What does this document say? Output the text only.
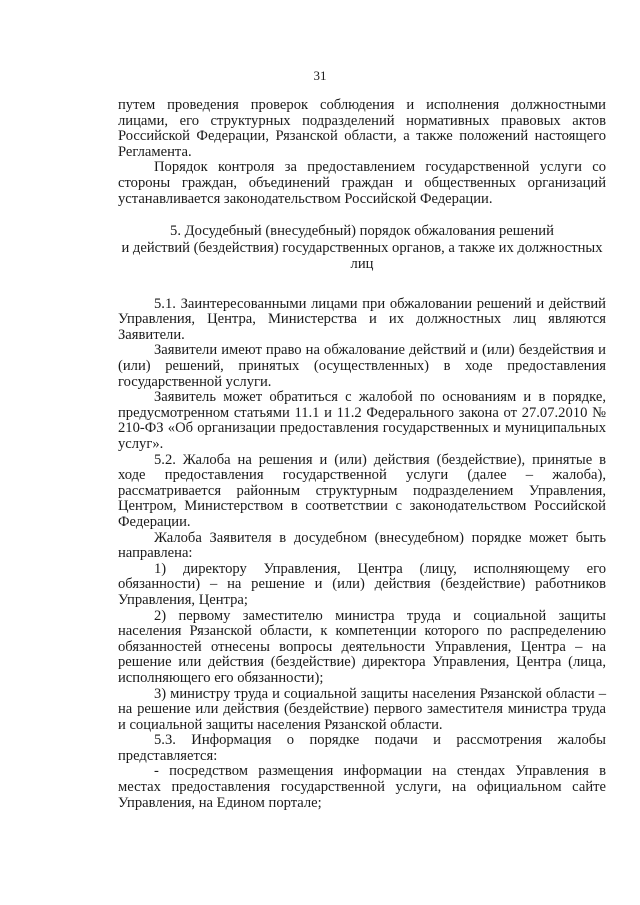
31

путем проведения проверок соблюдения и исполнения должностными лицами, его структурных подразделений нормативных правовых актов Российской Федерации, Рязанской области, а также положений настоящего Регламента.

Порядок контроля за предоставлением государственной услуги со стороны граждан, объединений граждан и общественных организаций устанавливается законодательством Российской Федерации.

5. Досудебный (внесудебный) порядок обжалования решений
и действий (бездействия) государственных органов, а также их должностных
лиц

5.1. Заинтересованными лицами при обжаловании решений и действий Управления, Центра, Министерства и их должностных лиц являются Заявители.

Заявители имеют право на обжалование действий и (или) бездействия и (или) решений, принятых (осуществленных) в ходе предоставления государственной услуги.

Заявитель может обратиться с жалобой по основаниям и в порядке, предусмотренном статьями 11.1 и 11.2 Федерального закона от 27.07.2010 № 210-ФЗ «Об организации предоставления государственных и муниципальных услуг».

5.2. Жалоба на решения и (или) действия (бездействие), принятые в ходе предоставления государственной услуги (далее – жалоба), рассматривается районным структурным подразделением Управления, Центром, Министерством в соответствии с законодательством Российской Федерации.

Жалоба Заявителя в досудебном (внесудебном) порядке может быть направлена:

1) директору Управления, Центра (лицу, исполняющему его обязанности) – на решение и (или) действия (бездействие) работников Управления, Центра;

2) первому заместителю министра труда и социальной защиты населения Рязанской области, к компетенции которого по распределению обязанностей отнесены вопросы деятельности Управления, Центра – на решение или действия (бездействие) директора Управления, Центра (лица, исполняющего его обязанности);

3) министру труда и социальной защиты населения Рязанской области – на решение или действия (бездействие) первого заместителя министра труда и социальной защиты населения Рязанской области.

5.3. Информация о порядке подачи и рассмотрения жалобы представляется:

- посредством размещения информации на стендах Управления в местах предоставления государственной услуги, на официальном сайте Управления, на Едином портале;
